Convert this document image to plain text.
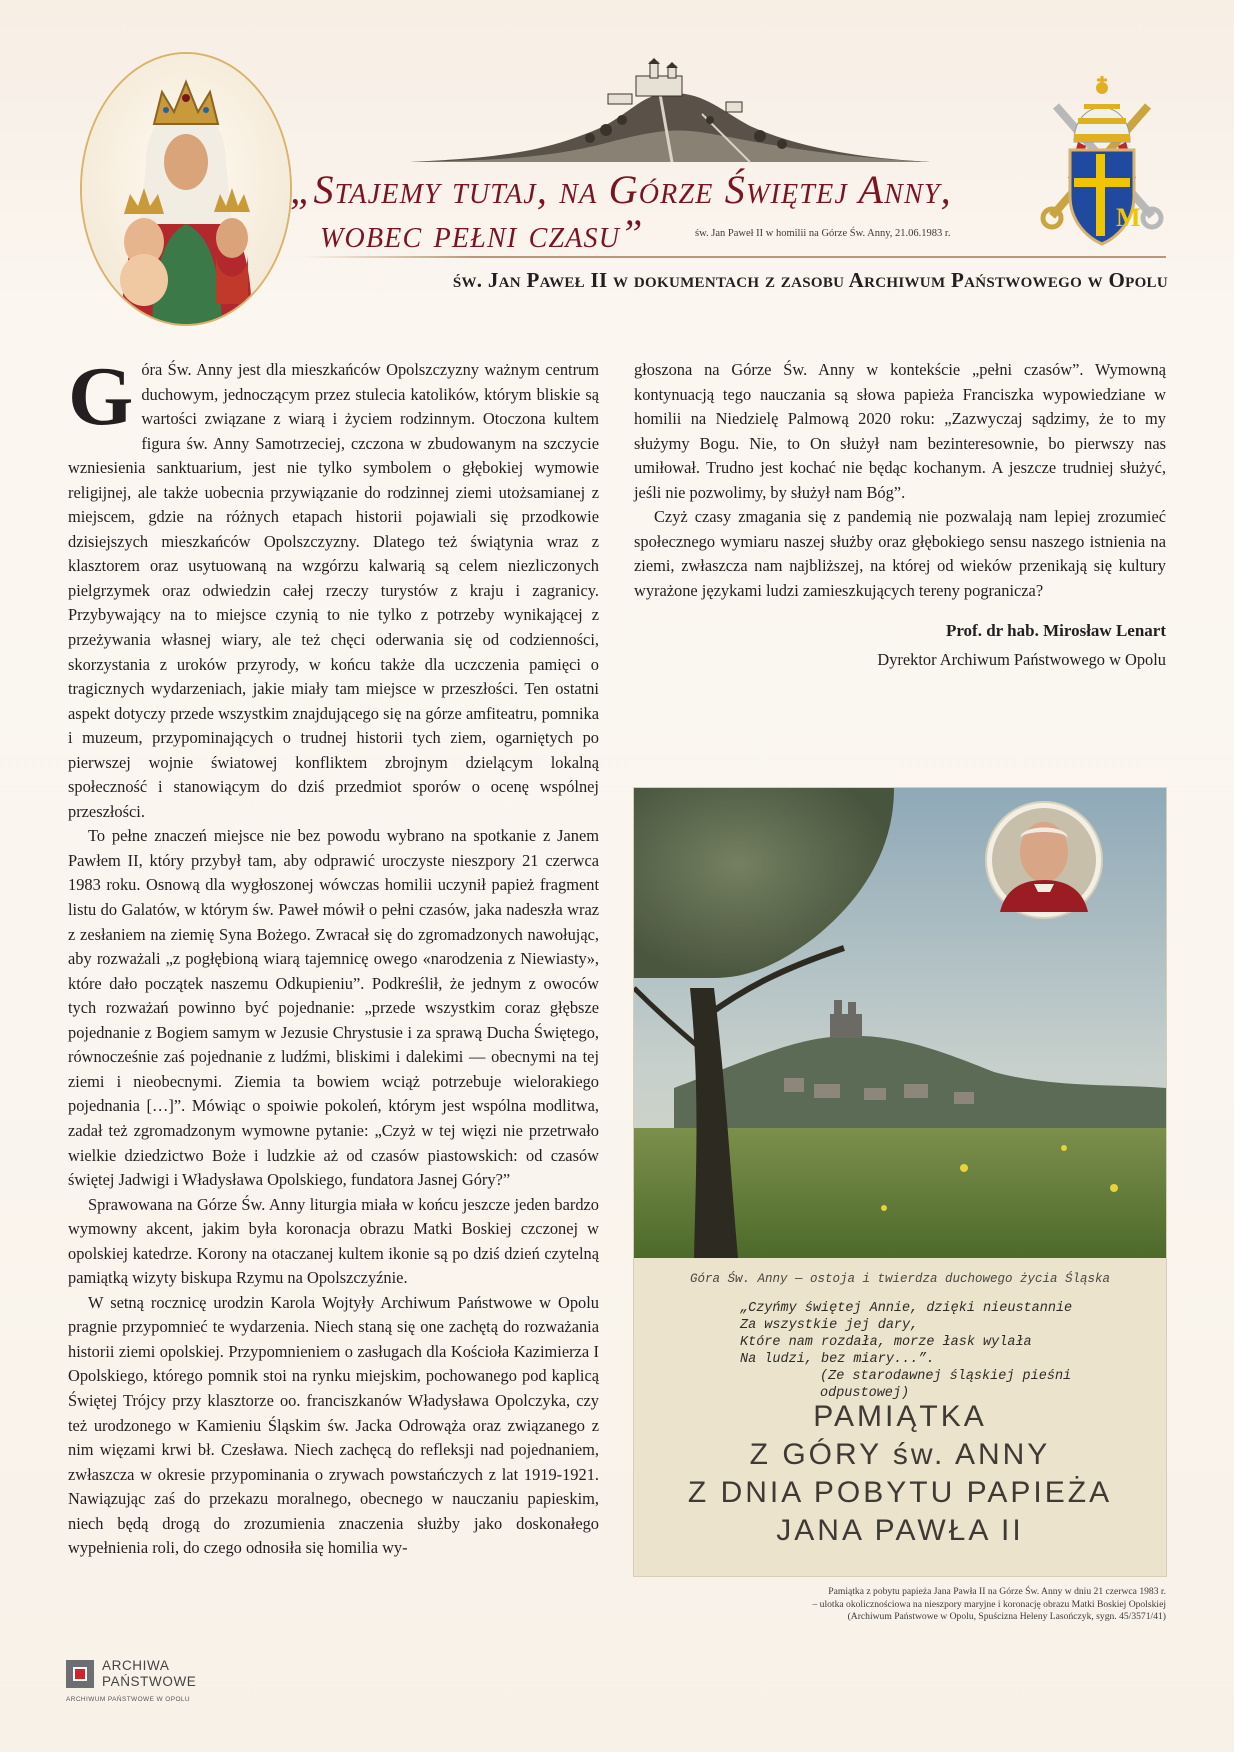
„Stajemy tutaj, na Górze Świętej Anny,
wobec pełni czasu”	św. Jan Paweł II w homilii na Górze Św. Anny, 21.06.1983 r.
M
św. Jan Paweł II w dokumentach z zasobu Archiwum Państwowego w Opolu
G óra Św. Anny jest dla mieszkańców Opolszczyzny ważnym centrum duchowym, jednoczącym przez stulecia katolików, którym bliskie są wartości związane z wiarą i życiem rodzinnym. Otoczona kultem figura św. Anny Samotrzeciej, czczona w zbudowanym na szczycie wzniesienia sanktuarium, jest nie tylko symbolem o głębokiej wymowie religijnej, ale także uobecnia przywiązanie do rodzinnej ziemi utożsamianej z miejscem, gdzie na różnych etapach historii pojawiali się przodkowie dzisiejszych mieszkańców Opolszczyzny. Dlatego też świątynia wraz z klasztorem oraz usytuowaną na wzgórzu kalwarią są celem niezliczonych pielgrzymek oraz odwiedzin całej rzeczy turystów z kraju i zagranicy. Przybywający na to miejsce czynią to nie tylko z potrzeby wynikającej z przeżywania własnej wiary, ale też chęci oderwania się od codzienności, skorzystania z uroków przyrody, w końcu także dla uczczenia pamięci o tragicznych wydarzeniach, jakie miały tam miejsce w przeszłości. Ten ostatni aspekt dotyczy przede wszystkim znajdującego się na górze amfiteatru, pomnika i muzeum, przypominających o trudnej historii tych ziem, ogarniętych po pierwszej wojnie światowej konfliktem zbrojnym dzielącym lokalną społeczność i stanowiącym do dziś przedmiot sporów o ocenę wspólnej przeszłości.

To pełne znaczeń miejsce nie bez powodu wybrano na spotkanie z Janem Pawłem II, który przybył tam, aby odprawić uroczyste nieszpory 21 czerwca 1983 roku. Osnową dla wygłoszonej wówczas homilii uczynił papież fragment listu do Galatów, w którym św. Paweł mówił o pełni czasów, jaka nadeszła wraz z zesłaniem na ziemię Syna Bożego. Zwracał się do zgromadzonych nawołując, aby rozważali „z pogłębioną wiarą tajemnicę owego «narodzenia z Niewiasty», które dało początek naszemu Odkupieniu”. Podkreślił, że jednym z owoców tych rozważań powinno być pojednanie: „przede wszystkim coraz głębsze pojednanie z Bogiem samym w Jezusie Chrystusie i za sprawą Ducha Świętego, równocześnie zaś pojednanie z ludźmi, bliskimi i dalekimi — obecnymi na tej ziemi i nieobecnymi. Ziemia ta bowiem wciąż potrzebuje wielorakiego pojednania […]”. Mówiąc o spoiwie pokoleń, którym jest wspólna modlitwa, zadał też zgromadzonym wymowne pytanie: „Czyż w tej więzi nie przetrwało wielkie dziedzictwo Boże i ludzkie aż od czasów piastowskich: od czasów świętej Jadwigi i Władysława Opolskiego, fundatora Jasnej Góry?”

Sprawowana na Górze Św. Anny liturgia miała w końcu jeszcze jeden bardzo wymowny akcent, jakim była koronacja obrazu Matki Boskiej czczonej w opolskiej katedrze. Korony na otaczanej kultem ikonie są po dziś dzień czytelną pamiątką wizyty biskupa Rzymu na Opolszczyźnie.

W setną rocznicę urodzin Karola Wojtyły Archiwum Państwowe w Opolu pragnie przypomnieć te wydarzenia. Niech staną się one zachętą do rozważania historii ziemi opolskiej. Przypomnieniem o zasługach dla Kościoła Kazimierza I Opolskiego, którego pomnik stoi na rynku miejskim, pochowanego pod kaplicą Świętej Trójcy przy klasztorze oo. franciszkanów Władysława Opolczyka, czy też urodzonego w Kamieniu Śląskim św. Jacka Odrowąża oraz związanego z nim więzami krwi bł. Czesława. Niech zachęcą do refleksji nad pojednaniem, zwłaszcza w okresie przypominania o zrywach powstańczych z lat 1919-1921. Nawiązując zaś do przekazu moralnego, obecnego w nauczaniu papieskim, niech będą drogą do zrozumienia znaczenia służby jako doskonałego wypełnienia roli, do czego odnosiła się homilia wy-

głoszona na Górze Św. Anny w kontekście „pełni czasów”. Wymowną kontynuacją tego nauczania są słowa papieża Franciszka wypowiedziane w homilii na Niedzielę Palmową 2020 roku: „Zazwyczaj sądzimy, że to my służymy Bogu. Nie, to On służył nam bezinteresownie, bo pierwszy nas umiłował. Trudno jest kochać nie będąc kochanym. A jeszcze trudniej służyć, jeśli nie pozwolimy, by służył nam Bóg”.

Czyż czasy zmagania się z pandemią nie pozwalają nam lepiej zrozumieć społecznego wymiaru naszej służby oraz głębokiego sensu naszego istnienia na ziemi, zwłaszcza nam najbliższej, na której od wieków przenikają się kultury wyrażone językami ludzi zamieszkujących tereny pogranicza?

Prof. dr hab. Mirosław Lenart
Dyrektor Archiwum Państwowego w Opolu
Góra Św. Anny — ostoja i twierdza duchowego życia Śląska
„Czyńmy świętej Annie, dzięki nieustannie
Za wszystkie jej dary,
Które nam rozdała, morze łask wylała
Na ludzi, bez miary...”.
(Ze starodawnej śląskiej pieśni odpustowej)
PAMIĄTKA
Z GÓRY św. ANNY
Z DNIA POBYTU PAPIEŻA
JANA PAWŁA II
Pamiątka z pobytu papieża Jana Pawła II na Górze Św. Anny w dniu 21 czerwca 1983 r.
– ulotka okolicznościowa na nieszpory maryjne i koronację obrazu Matki Boskiej Opolskiej
(Archiwum Państwowe w Opolu, Spuścizna Heleny Lasończyk, sygn. 45/3571/41)
ARCHIWA
PAŃSTWOWE
ARCHIWUM PAŃSTWOWE W OPOLU
